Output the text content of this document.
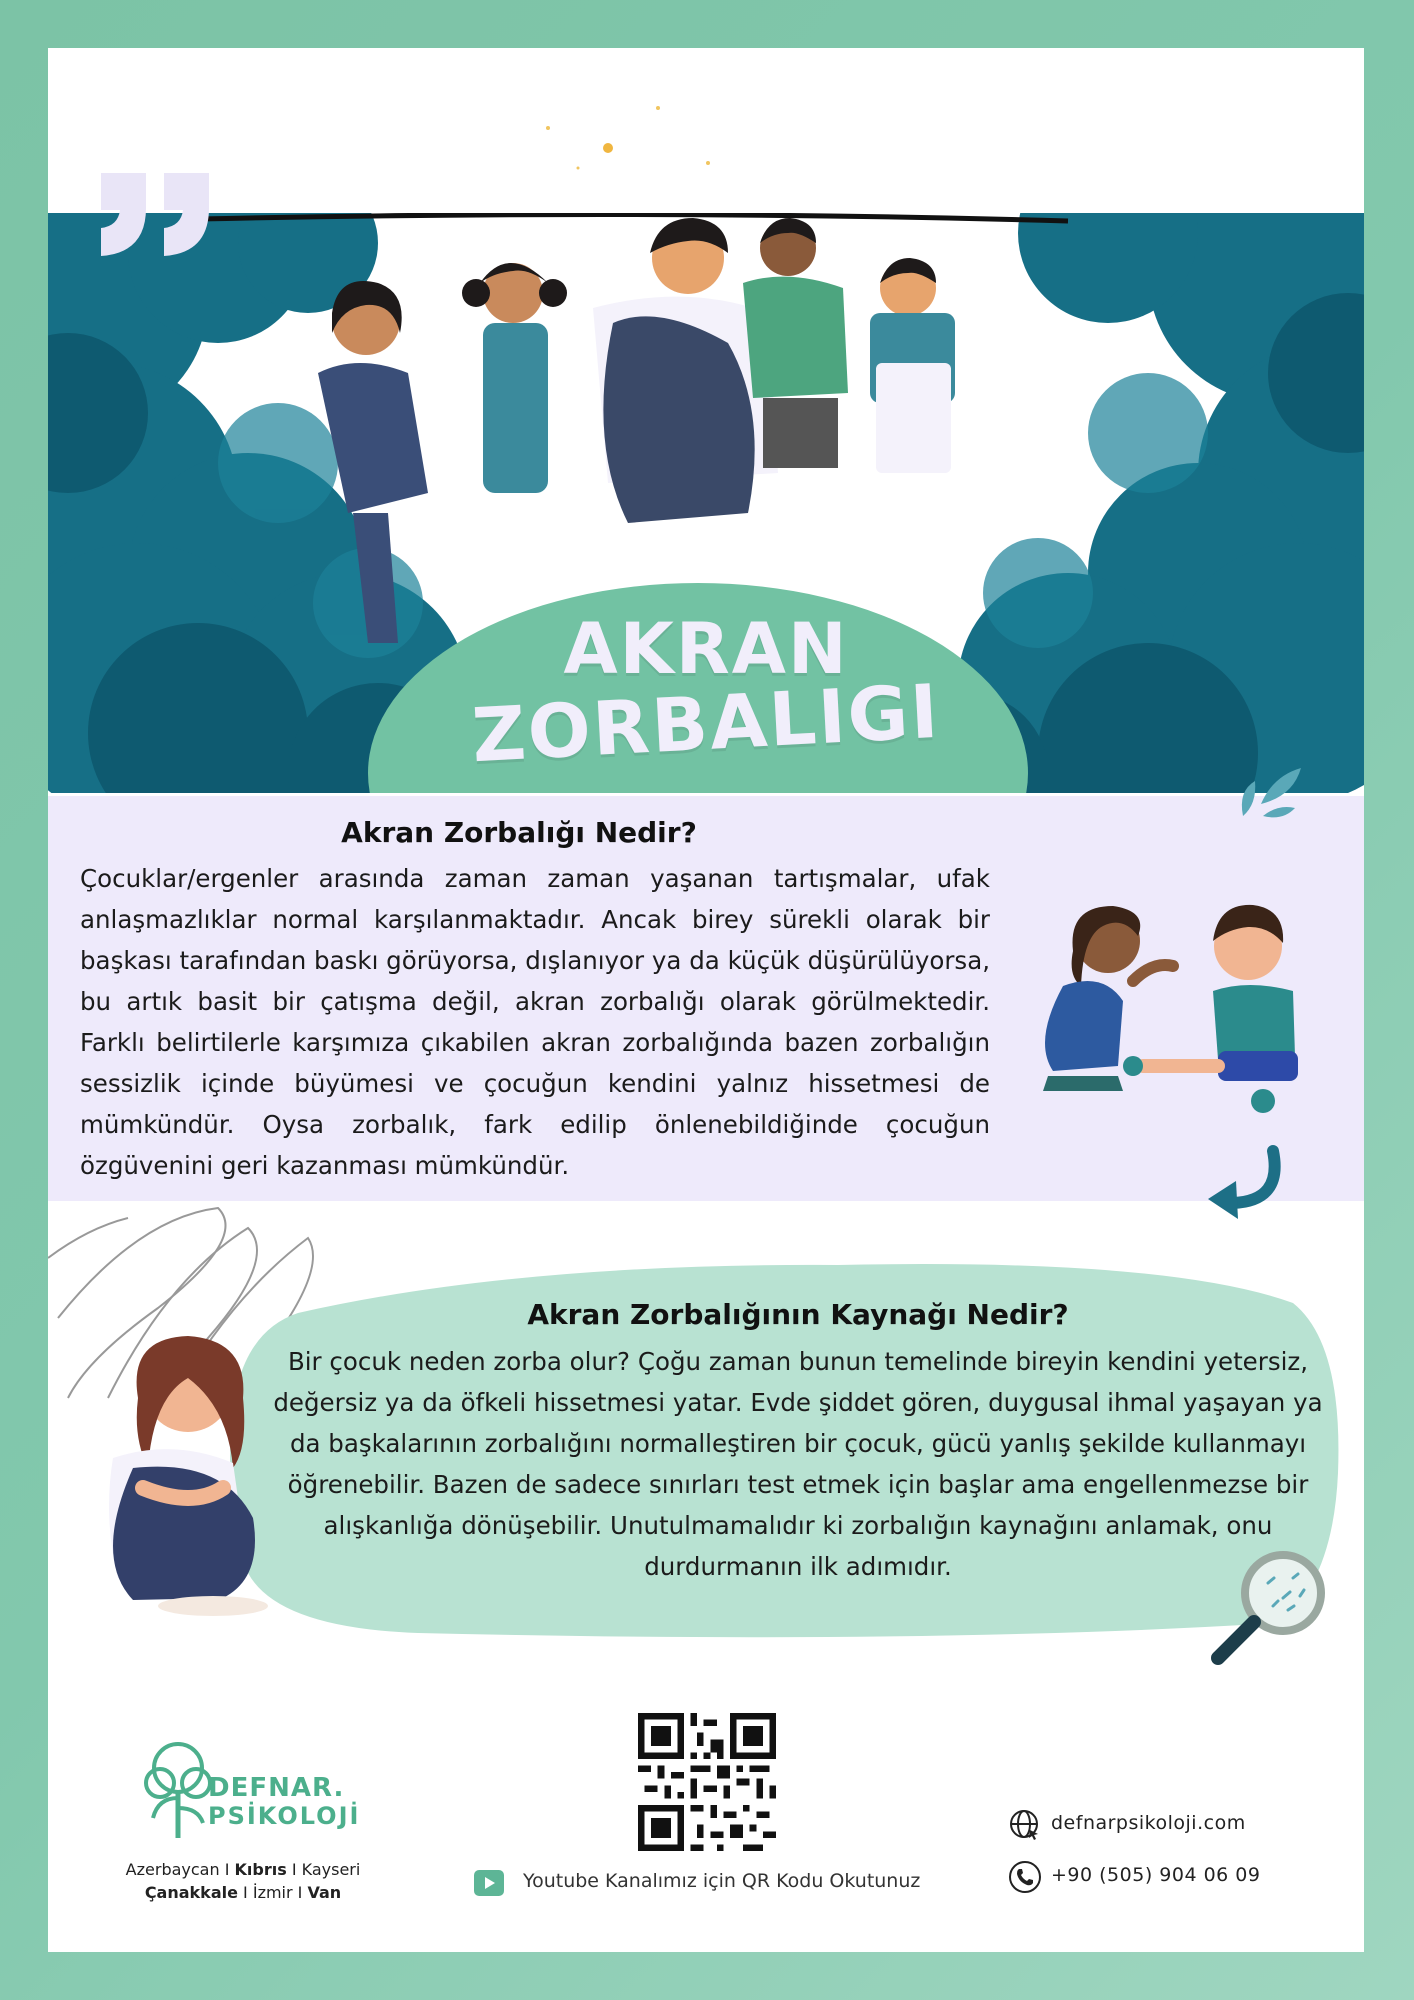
AKRAN
ZORBALIGI
Akran Zorbalığı Nedir?

Çocuklar/ergenler arasında zaman zaman yaşanan tartışmalar, ufak anlaşmazlıklar normal karşılanmaktadır. Ancak birey sürekli olarak bir başkası tarafından baskı görüyorsa, dışlanıyor ya da küçük düşürülüyorsa, bu artık basit bir çatışma değil, akran zorbalığı olarak görülmektedir. Farklı belirtilerle karşımıza çıkabilen akran zorbalığında bazen zorbalığın sessizlik içinde büyümesi ve çocuğun kendini yalnız hissetmesi de mümkündür. Oysa zorbalık, fark edilip önlenebildiğinde çocuğun özgüvenini geri kazanması mümkündür.

Akran Zorbalığının Kaynağı Nedir?

Bir çocuk neden zorba olur? Çoğu zaman bunun temelinde bireyin kendini yetersiz, değersiz ya da öfkeli hissetmesi yatar. Evde şiddet gören, duygusal ihmal yaşayan ya da başkalarının zorbalığını normalleştiren bir çocuk, gücü yanlış şekilde kullanmayı öğrenebilir. Bazen de sadece sınırları test etmek için başlar ama engellenmezse bir alışkanlığa dönüşebilir. Unutulmamalıdır ki zorbalığın kaynağını anlamak, onu durdurmanın ilk adımıdır.

DEFNAR.
PSİKOLOJİ
Azerbaycan I Kıbrıs I Kayseri
Çanakkale I İzmir I Van
Youtube Kanalımız için QR Kodu Okutunuz
defnarpsikoloji.com
+90 (505) 904 06 09
